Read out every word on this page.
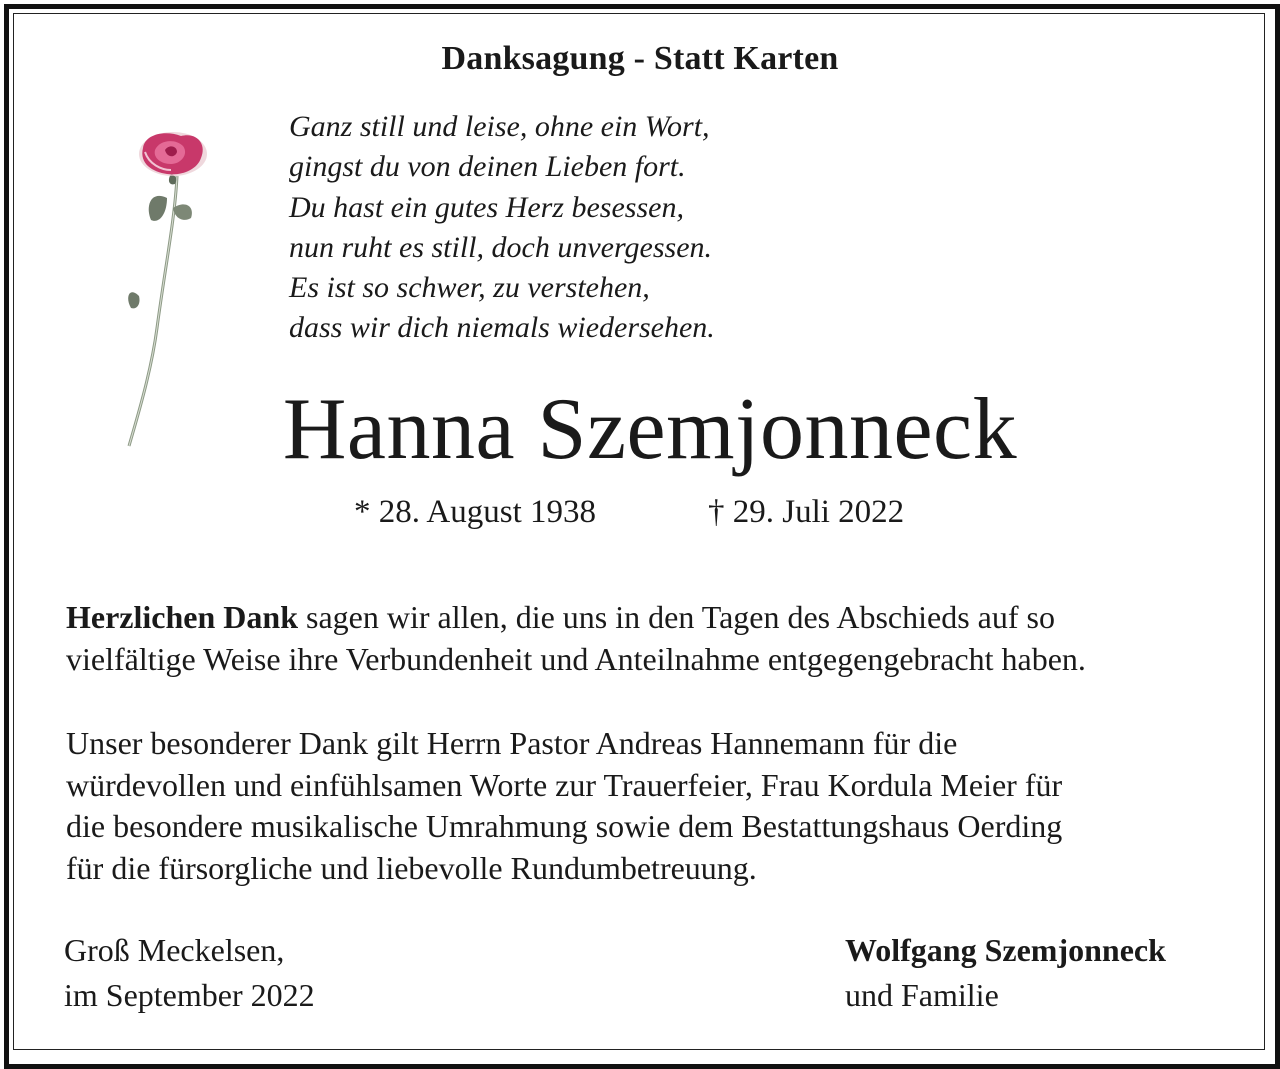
Danksagung - Statt Karten
Ganz still und leise, ohne ein Wort,
gingst du von deinen Lieben fort.
Du hast ein gutes Herz besessen,
nun ruht es still, doch unvergessen.
Es ist so schwer, zu verstehen,
dass wir dich niemals wiedersehen.
Hanna Szemjonneck
* 28. August 1938	† 29. Juli 2022
Herzlichen Dank sagen wir allen, die uns in den Tagen des Abschieds auf so
vielfältige Weise ihre Verbundenheit und Anteilnahme entgegengebracht haben.
Unser besonderer Dank gilt Herrn Pastor Andreas Hannemann für die
würdevollen und einfühlsamen Worte zur Trauerfeier, Frau Kordula Meier für
die besondere musikalische Umrahmung sowie dem Bestattungshaus Oerding
für die fürsorgliche und liebevolle Rundumbetreuung.
Groß Meckelsen,
im September 2022
Wolfgang Szemjonneck
und Familie
